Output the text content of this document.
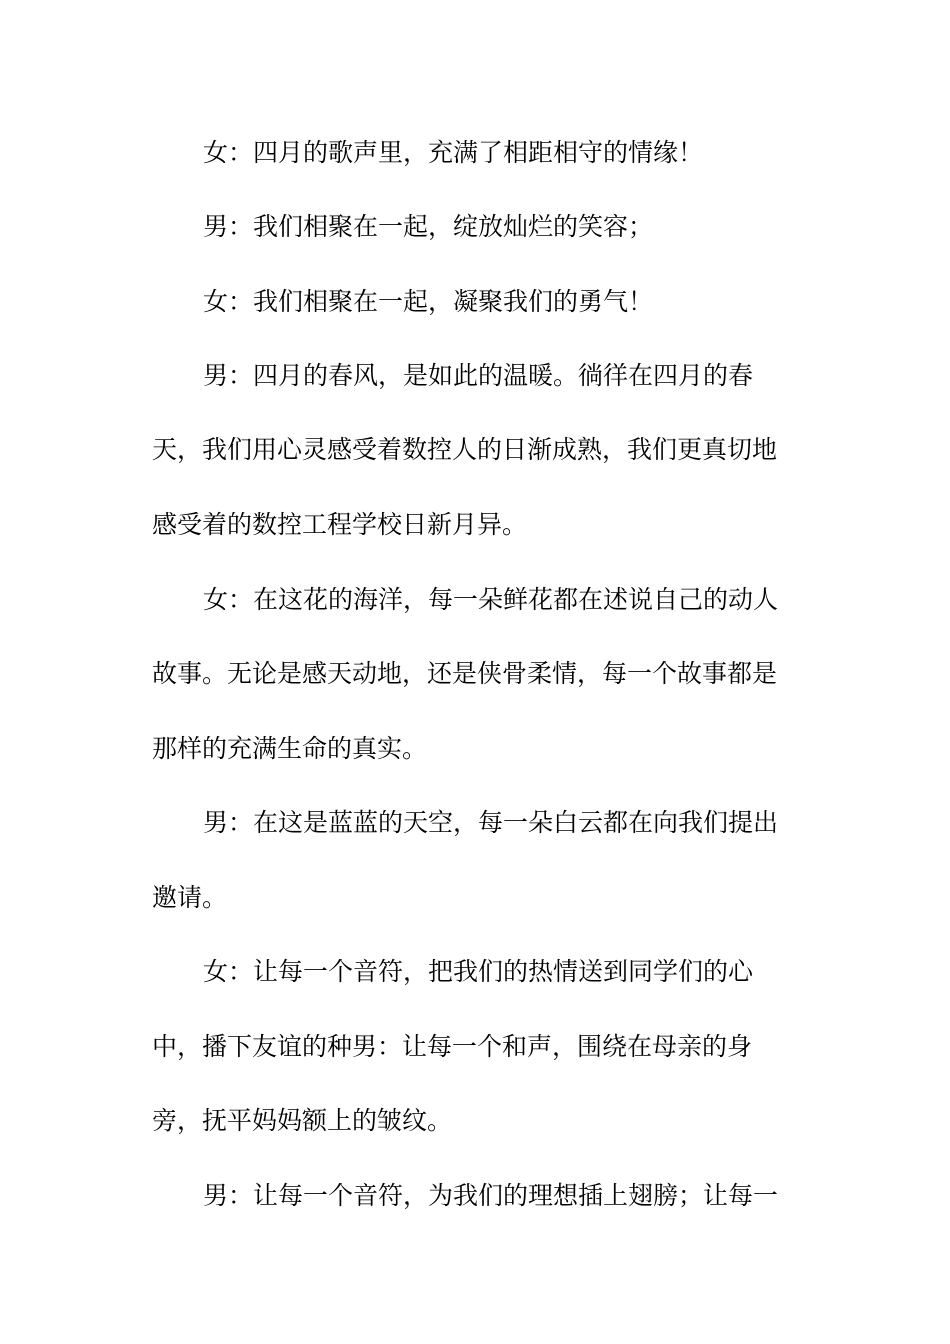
女：四月的歌声里，充满了相距相守的情缘！
男：我们相聚在一起，绽放灿烂的笑容；
女：我们相聚在一起，凝聚我们的勇气！
男：四月的春风，是如此的温暖。徜徉在四月的春
天，我们用心灵感受着数控人的日渐成熟，我们更真切地
感受着的数控工程学校日新月异。
女：在这花的海洋，每一朵鲜花都在述说自己的动人
故事。无论是感天动地，还是侠骨柔情，每一个故事都是
那样的充满生命的真实。
男：在这是蓝蓝的天空，每一朵白云都在向我们提出
邀请。
女：让每一个音符，把我们的热情送到同学们的心
中，播下友谊的种男：让每一个和声，围绕在母亲的身
旁，抚平妈妈额上的皱纹。
男：让每一个音符，为我们的理想插上翅膀；让每一
